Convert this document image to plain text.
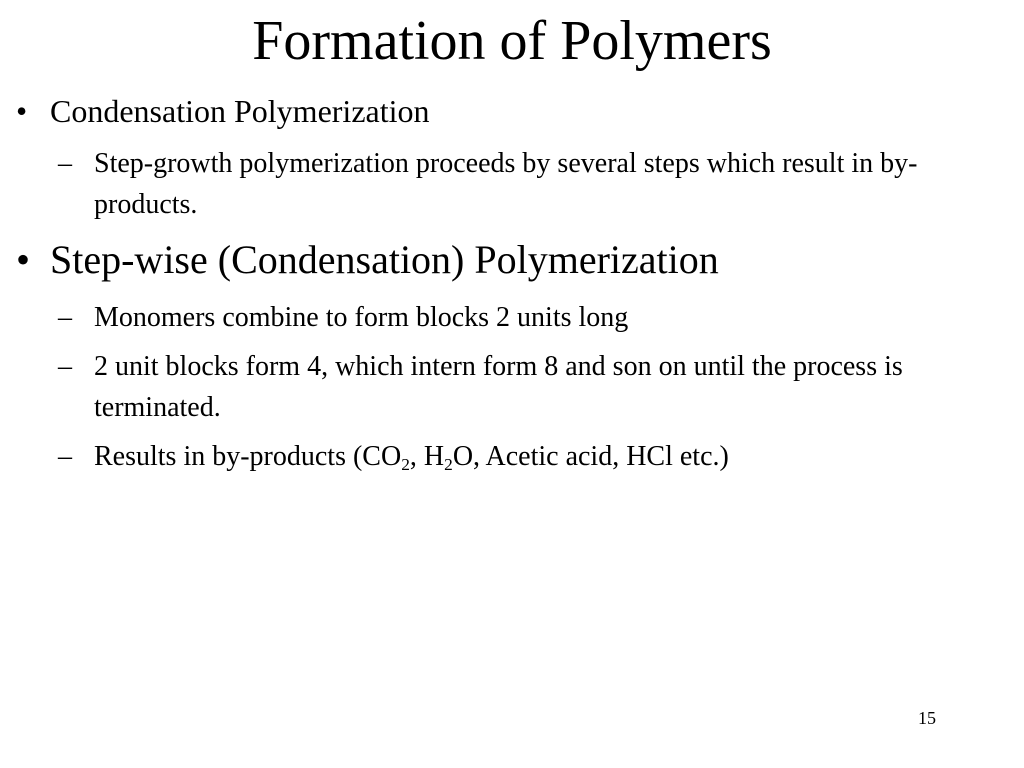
Formation of Polymers
• Condensation Polymerization
– Step-growth polymerization proceeds by several steps which result in by-products.
• Step-wise (Condensation) Polymerization
– Monomers combine to form blocks 2 units long
– 2 unit blocks form 4, which intern form 8 and son on until the process is terminated.
– Results in by-products ($CO_2$, $H_2O$, Acetic acid, HCl etc.)
15
